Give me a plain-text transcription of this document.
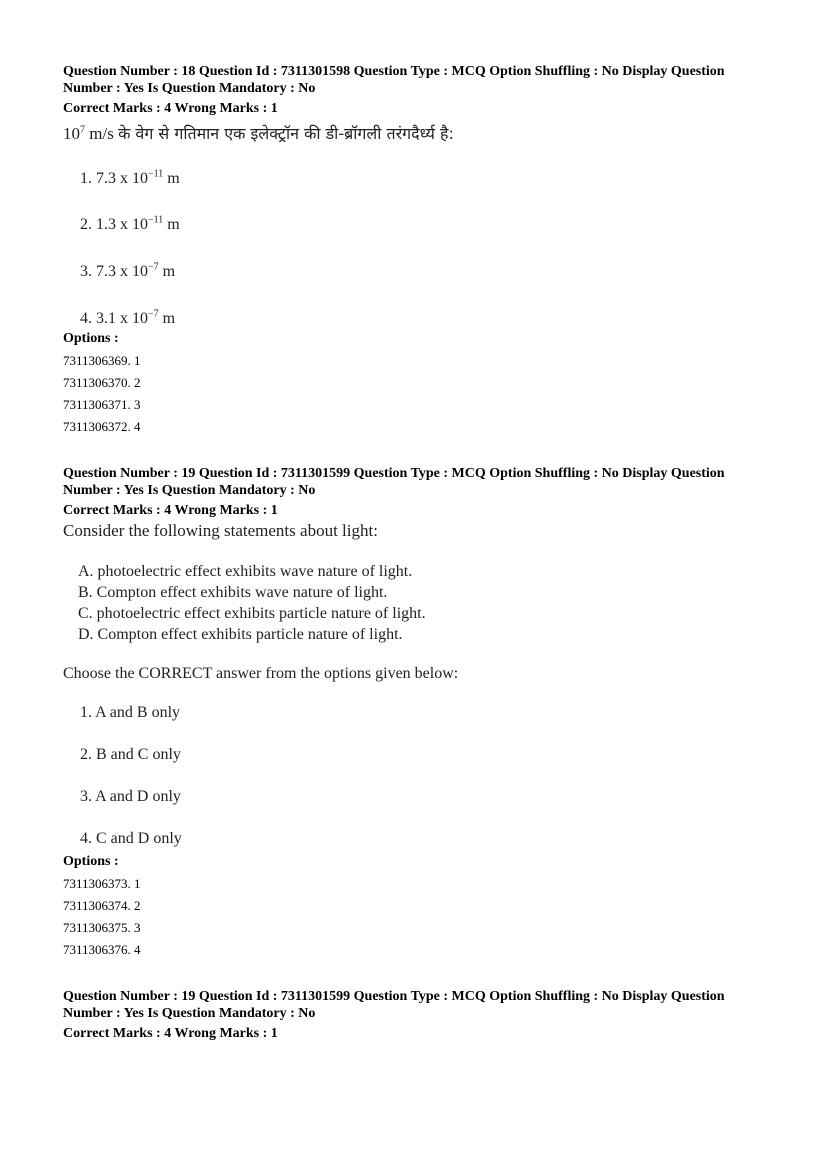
Question Number : 18 Question Id : 7311301598 Question Type : MCQ Option Shuffling : No Display Question
Number : Yes Is Question Mandatory : No
Correct Marks : 4 Wrong Marks : 1
$10^7$ m/s के वेग से गतिमान एक इलेक्ट्रॉन की डी-ब्रॉगली तरंगदैर्ध्य है:
1. 7.3 x $10^{-11}$ m
2. 1.3 x $10^{-11}$ m
3. 7.3 x $10^{-7}$ m
4. 3.1 x $10^{-7}$ m
Options :
7311306369. 1
7311306370. 2
7311306371. 3
7311306372. 4
Question Number : 19 Question Id : 7311301599 Question Type : MCQ Option Shuffling : No Display Question
Number : Yes Is Question Mandatory : No
Correct Marks : 4 Wrong Marks : 1
Consider the following statements about light:
A. photoelectric effect exhibits wave nature of light.
B. Compton effect exhibits wave nature of light.
C. photoelectric effect exhibits particle nature of light.
D. Compton effect exhibits particle nature of light.
Choose the CORRECT answer from the options given below:
1. A and B only
2. B and C only
3. A and D only
4. C and D only
Options :
7311306373. 1
7311306374. 2
7311306375. 3
7311306376. 4
Question Number : 19 Question Id : 7311301599 Question Type : MCQ Option Shuffling : No Display Question
Number : Yes Is Question Mandatory : No
Correct Marks : 4 Wrong Marks : 1
